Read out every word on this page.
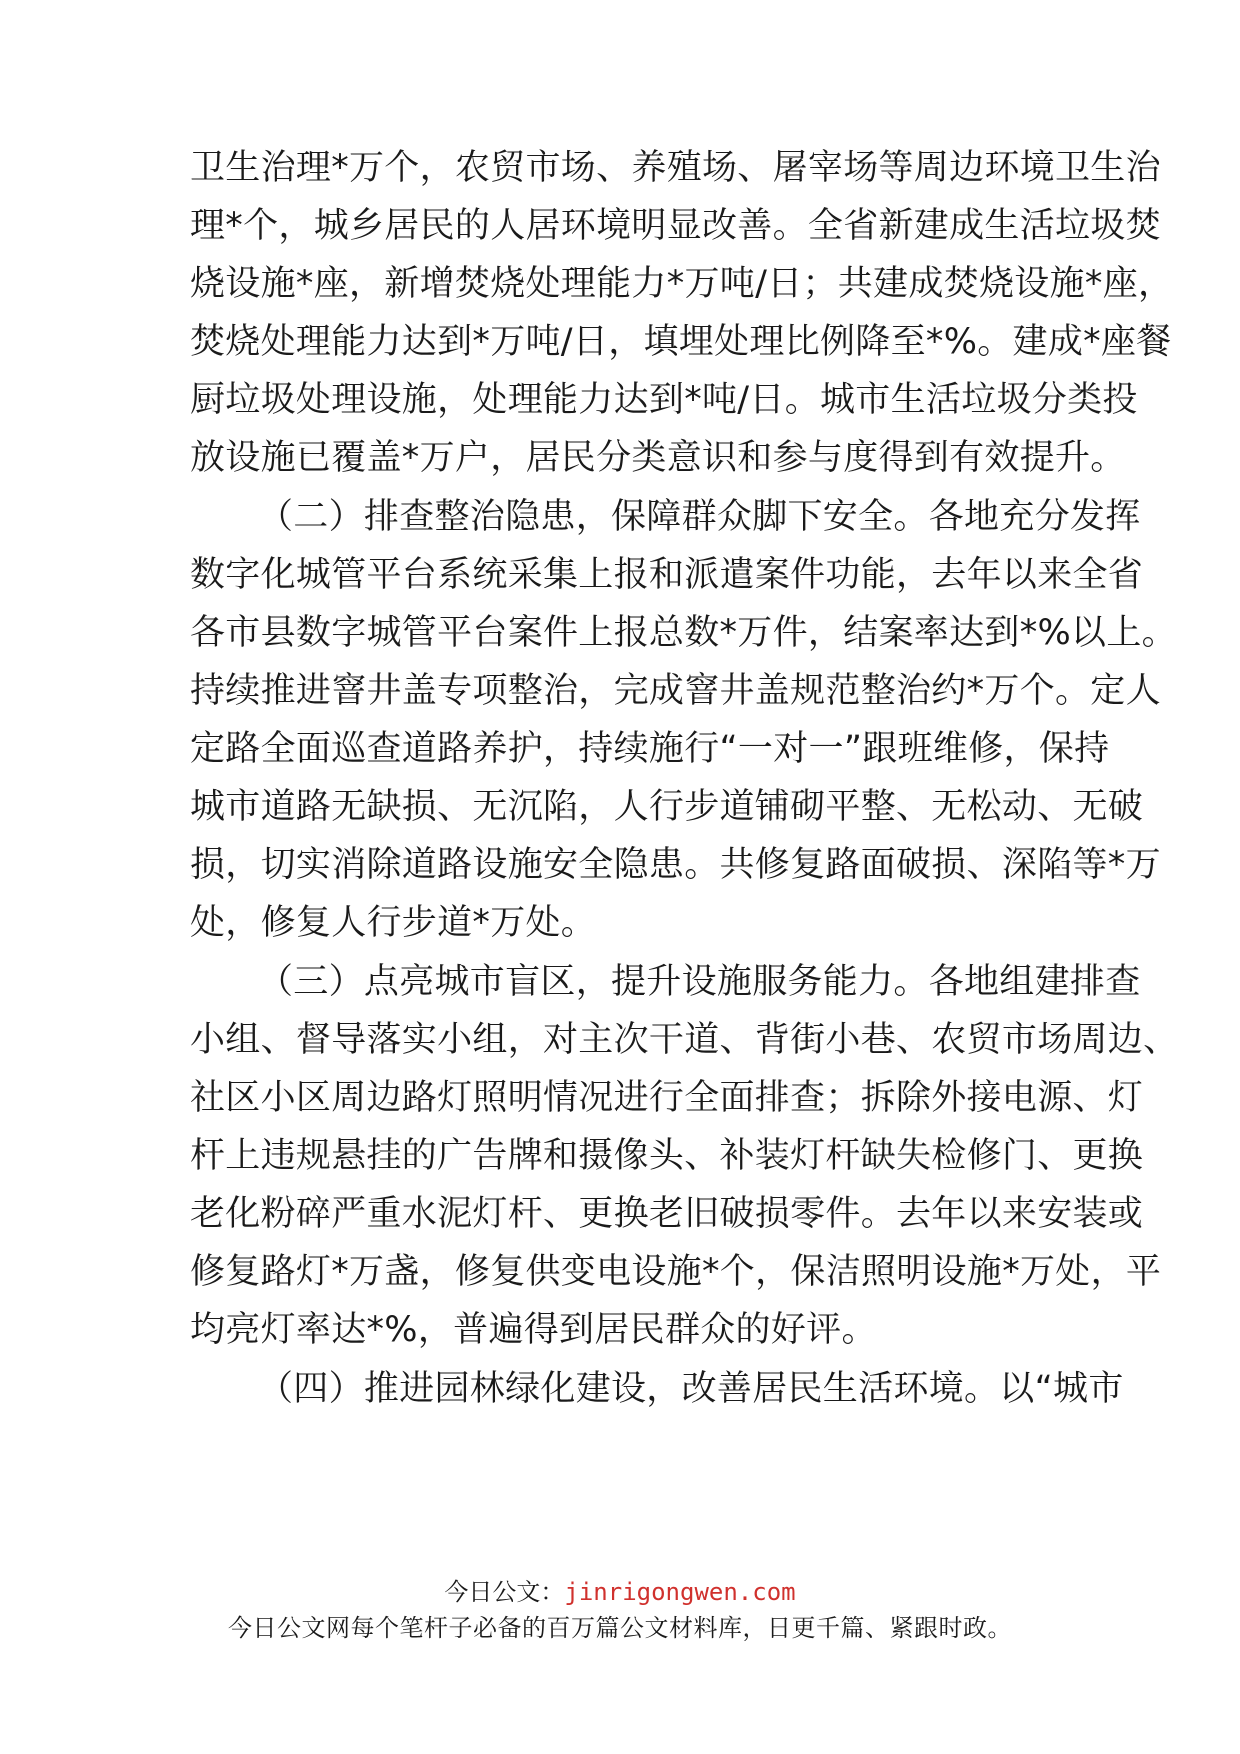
卫生治理*万个，农贸市场、养殖场、屠宰场等周边环境卫生治
理*个，城乡居民的人居环境明显改善。全省新建成生活垃圾焚
烧设施*座，新增焚烧处理能力*万吨/日；共建成焚烧设施*座，
焚烧处理能力达到*万吨/日，填埋处理比例降至*%。建成*座餐
厨垃圾处理设施，处理能力达到*吨/日。城市生活垃圾分类投
放设施已覆盖*万户，居民分类意识和参与度得到有效提升。
（二）排查整治隐患，保障群众脚下安全。各地充分发挥
数字化城管平台系统采集上报和派遣案件功能，去年以来全省
各市县数字城管平台案件上报总数*万件，结案率达到*%以上。
持续推进窨井盖专项整治，完成窨井盖规范整治约*万个。定人
定路全面巡查道路养护，持续施行“一对一”跟班维修，保持
城市道路无缺损、无沉陷，人行步道铺砌平整、无松动、无破
损，切实消除道路设施安全隐患。共修复路面破损、深陷等*万
处，修复人行步道*万处。
（三）点亮城市盲区，提升设施服务能力。各地组建排查
小组、督导落实小组，对主次干道、背街小巷、农贸市场周边、
社区小区周边路灯照明情况进行全面排查；拆除外接电源、灯
杆上违规悬挂的广告牌和摄像头、补装灯杆缺失检修门、更换
老化粉碎严重水泥灯杆、更换老旧破损零件。去年以来安装或
修复路灯*万盏，修复供变电设施*个，保洁照明设施*万处，平
均亮灯率达*%，普遍得到居民群众的好评。
（四）推进园林绿化建设，改善居民生活环境。以“城市
今日公文：jinrigongwen.com
今日公文网每个笔杆子必备的百万篇公文材料库，日更千篇、紧跟时政。
